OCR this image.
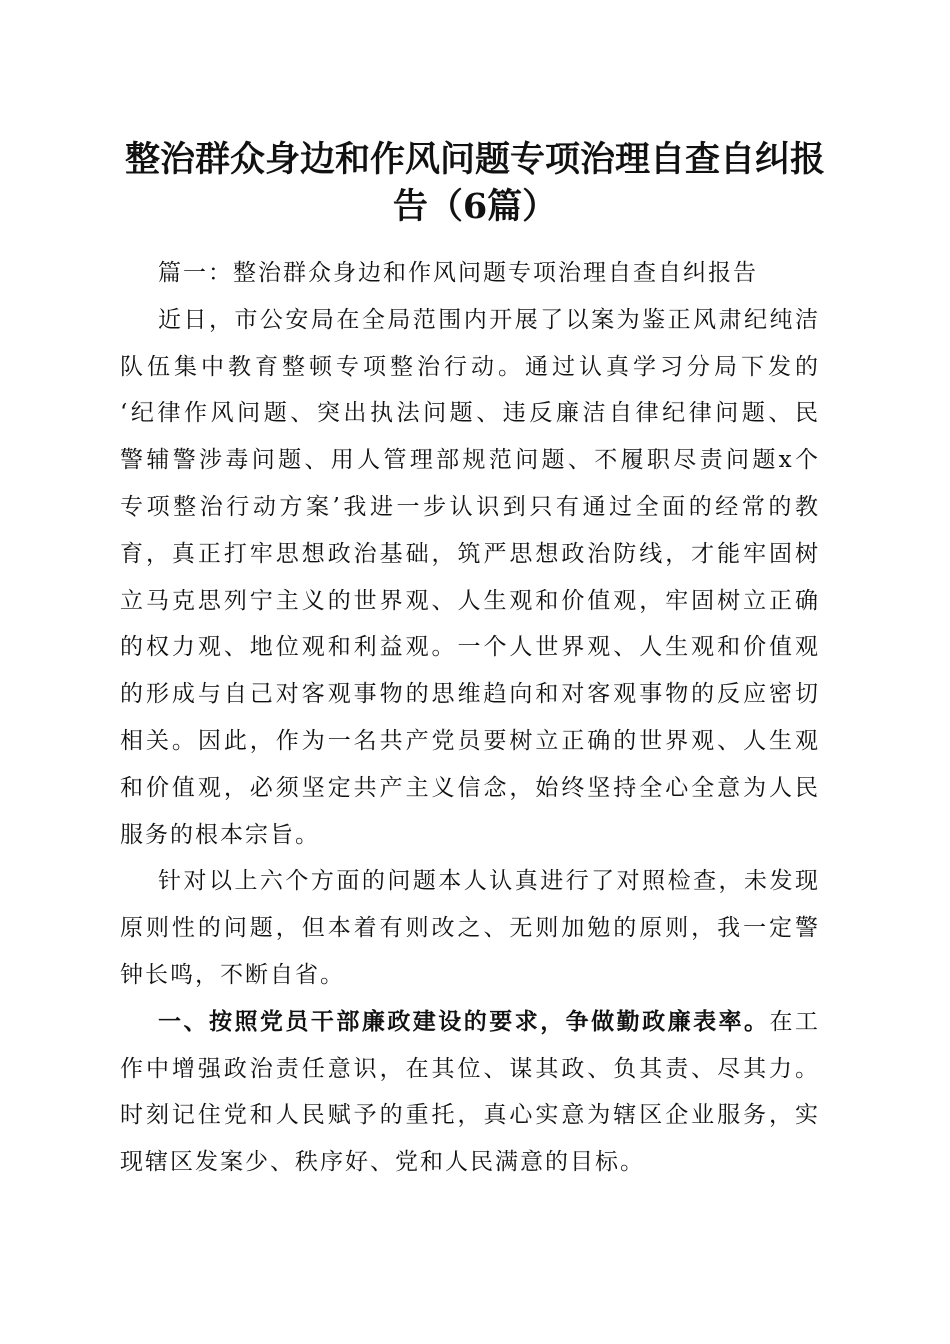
整治群众身边和作风问题专项治理自查自纠报
告（6篇）
篇一：整治群众身边和作风问题专项治理自查自纠报告
近日，市公安局在全局范围内开展了以案为鉴正风肃纪纯洁
队伍集中教育整顿专项整治行动。通过认真学习分局下发的
‘纪律作风问题、突出执法问题、违反廉洁自律纪律问题、民
警辅警涉毒问题、用人管理部规范问题、不履职尽责问题x个
专项整治行动方案’我进一步认识到只有通过全面的经常的教
育，真正打牢思想政治基础，筑严思想政治防线，才能牢固树
立马克思列宁主义的世界观、人生观和价值观，牢固树立正确
的权力观、地位观和利益观。一个人世界观、人生观和价值观
的形成与自己对客观事物的思维趋向和对客观事物的反应密切
相关。因此，作为一名共产党员要树立正确的世界观、人生观
和价值观，必须坚定共产主义信念，始终坚持全心全意为人民
服务的根本宗旨。
针对以上六个方面的问题本人认真进行了对照检查，未发现
原则性的问题，但本着有则改之、无则加勉的原则，我一定警
钟长鸣，不断自省。
一、按照党员干部廉政建设的要求，争做勤政廉表率。在工
作中增强政治责任意识，在其位、谋其政、负其责、尽其力。
时刻记住党和人民赋予的重托，真心实意为辖区企业服务，实
现辖区发案少、秩序好、党和人民满意的目标。
